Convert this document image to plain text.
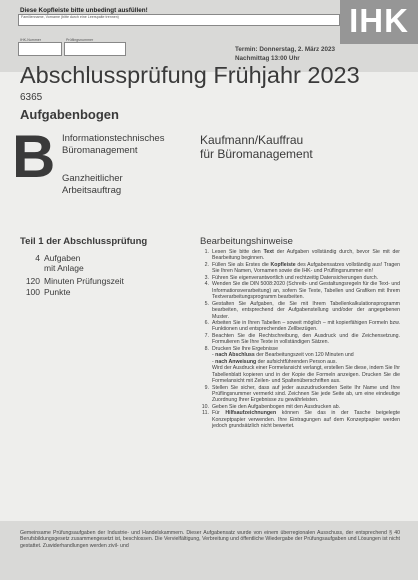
Diese Kopfleiste bitte unbedingt ausfüllen!
Familienname, Vorname (bitte durch eine Leerspalte trennen)
IHK-Nummer	Prüflingsnummer
IHK
Termin: Donnerstag, 2. März 2023
Nachmittag 13:00 Uhr
Abschlussprüfung Frühjahr 2023
6365
Aufgabenbogen
B Informationstechnisches
Büromanagement
Ganzheitlicher
Arbeitsauftrag
Kaufmann/Kauffrau
für Büromanagement
Teil 1 der Abschlussprüfung
4 Aufgaben
mit Anlage
120 Minuten Prüfungszeit
100 Punkte
Bearbeitungshinweise
1. Lesen Sie bitte den Text der Aufgaben vollständig durch, bevor Sie mit der Bearbeitung beginnen.
2. Füllen Sie als Erstes die Kopfleiste des Aufgabensatzes vollständig aus! Tragen Sie Ihren Namen, Vornamen sowie die IHK- und Prüflingsnummer ein!
3. Führen Sie eigenverantwortlich und rechtzeitig Datensicherungen durch.
4. Wenden Sie die DIN 5008:2020 (Schreib- und Gestaltungsregeln für die Text- und Informationsverarbeitung) an, sofern Sie Texte, Tabellen und Grafiken mit Ihrem Textverarbeitungsprogramm bearbeiten.
5. Gestalten Sie Aufgaben, die Sie mit Ihrem Tabellenkalkulationsprogramm bearbeiten, entsprechend der Aufgabenstellung und/oder der angegebenen Muster.
6. Arbeiten Sie in Ihren Tabellen – soweit möglich – mit kopierfähigen Formeln bzw. Funktionen und entsprechenden Zellbezügen.
7. Beachten Sie die Rechtschreibung, den Ausdruck und die Zeichensetzung. Formulieren Sie Ihre Texte in vollständigen Sätzen.
8. Drucken Sie Ihre Ergebnisse
- nach Abschluss der Bearbeitungszeit von 120 Minuten und
- nach Anweisung der aufsichtführenden Person aus.
Wird der Ausdruck einer Formelansicht verlangt, erstellen Sie diese, indem Sie Ihr Tabellenblatt kopieren und in der Kopie die Formeln anzeigen. Drucken Sie die Formelansicht mit Zeilen- und Spaltenüberschriften aus.
9. Stellen Sie sicher, dass auf jeder auszudruckenden Seite Ihr Name und Ihre Prüflingsnummer vermerkt sind. Zeichnen Sie jede Seite ab, um eine eindeutige Zuordnung Ihrer Ergebnisse zu gewährleisten.
10. Geben Sie den Aufgabenbogen mit den Ausdrucken ab.
11. Für Hilfsaufzeichnungen können Sie das in der Tasche beigelegte Konzeptpapier verwenden. Ihre Eintragungen auf dem Konzeptpapier werden jedoch grundsätzlich nicht bewertet.
Gemeinsame Prüfungsaufgaben der Industrie- und Handelskammern. Dieser Aufgabensatz wurde von einem überregionalen Ausschuss, der entsprechend § 40 Berufsbildungsgesetz zusammengesetzt ist, beschlossen. Die Vervielfältigung, Verbreitung und öffentliche Wiedergabe der Prüfungsaufgaben und Lösungen ist nicht gestattet. Zuwiderhandlungen werden zivil- und
